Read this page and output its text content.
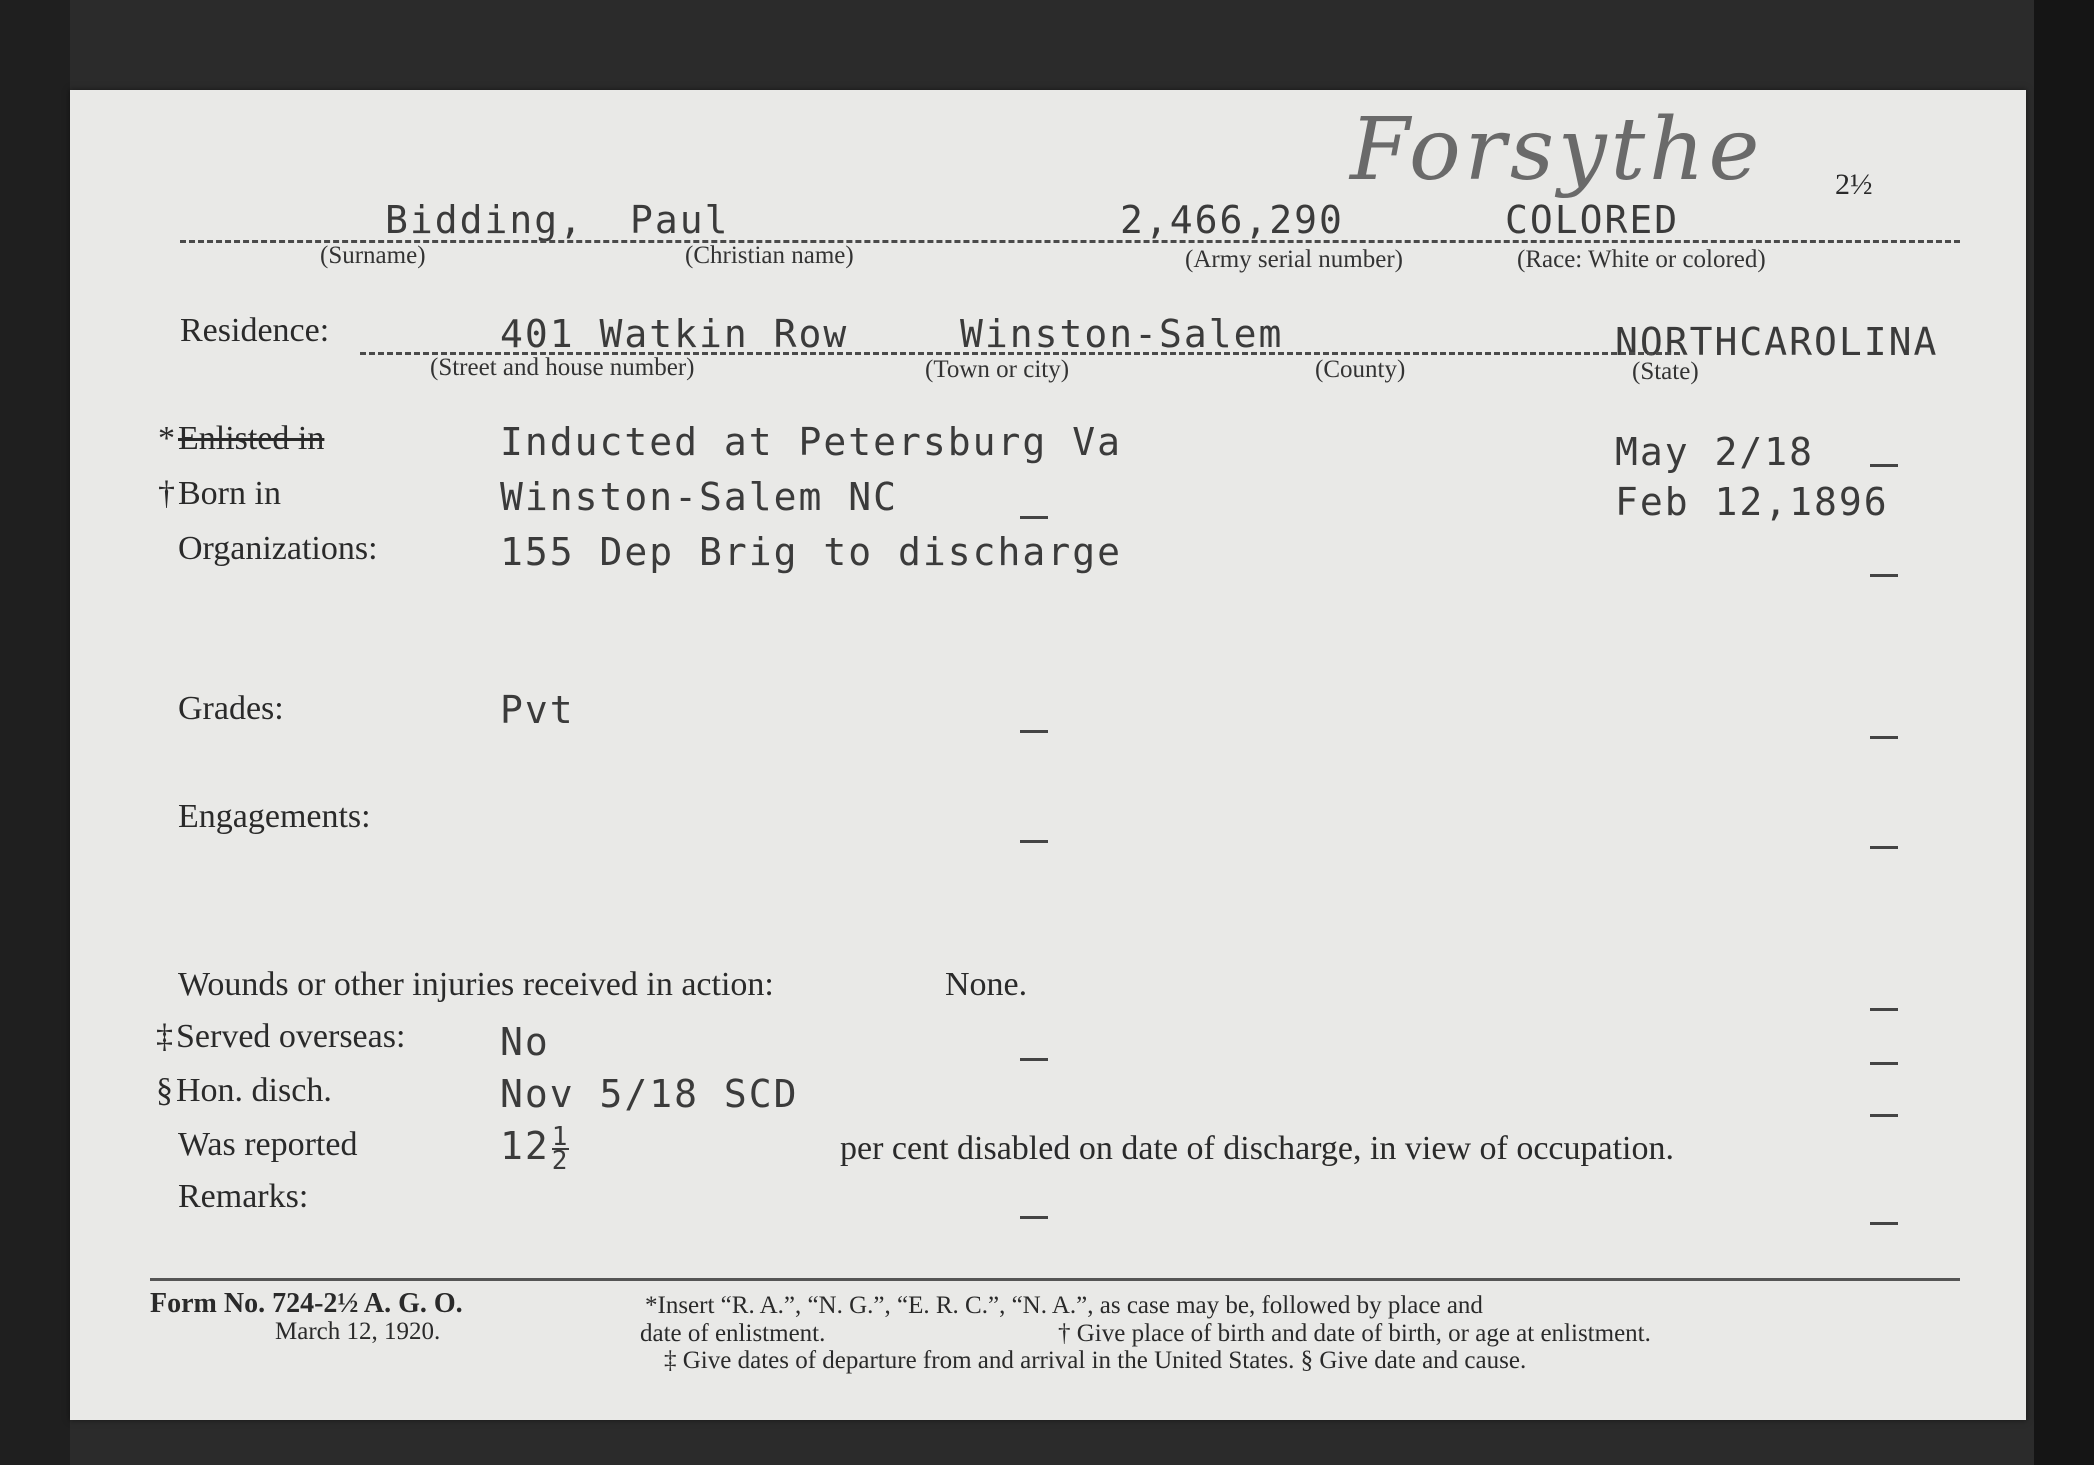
Forsythe 2½
Bidding, Paul	2,466,290	COLORED
(Surname)	(Christian name)	(Army serial number)	(Race: White or colored)
Residence:	401 Watkin Row	Winston-Salem	NORTHCAROLINA
(Street and house number)	(Town or city)	(County)	(State)
* Enlisted in	Inducted at Petersburg Va	May 2/18
† Born in	Winston-Salem NC	Feb 12,1896
Organizations:	155 Dep Brig to discharge
Grades:	Pvt
Engagements:
Wounds or other injuries received in action:	None.
‡ Served overseas: No
§ Hon. disch.	Nov 5/18 SCD
Was reported	$12 \frac{1}{2}$	per cent disabled on date of discharge, in view of occupation.
Remarks:
Form No. 724-2½ A. G. O.
March 12, 1920.
*Insert “R. A.”, “N. G.”, “E. R. C.”, “N. A.”, as case may be, followed by place and
date of enlistment.	† Give place of birth and date of birth, or age at enlistment.
‡ Give dates of departure from and arrival in the United States. § Give date and cause.
